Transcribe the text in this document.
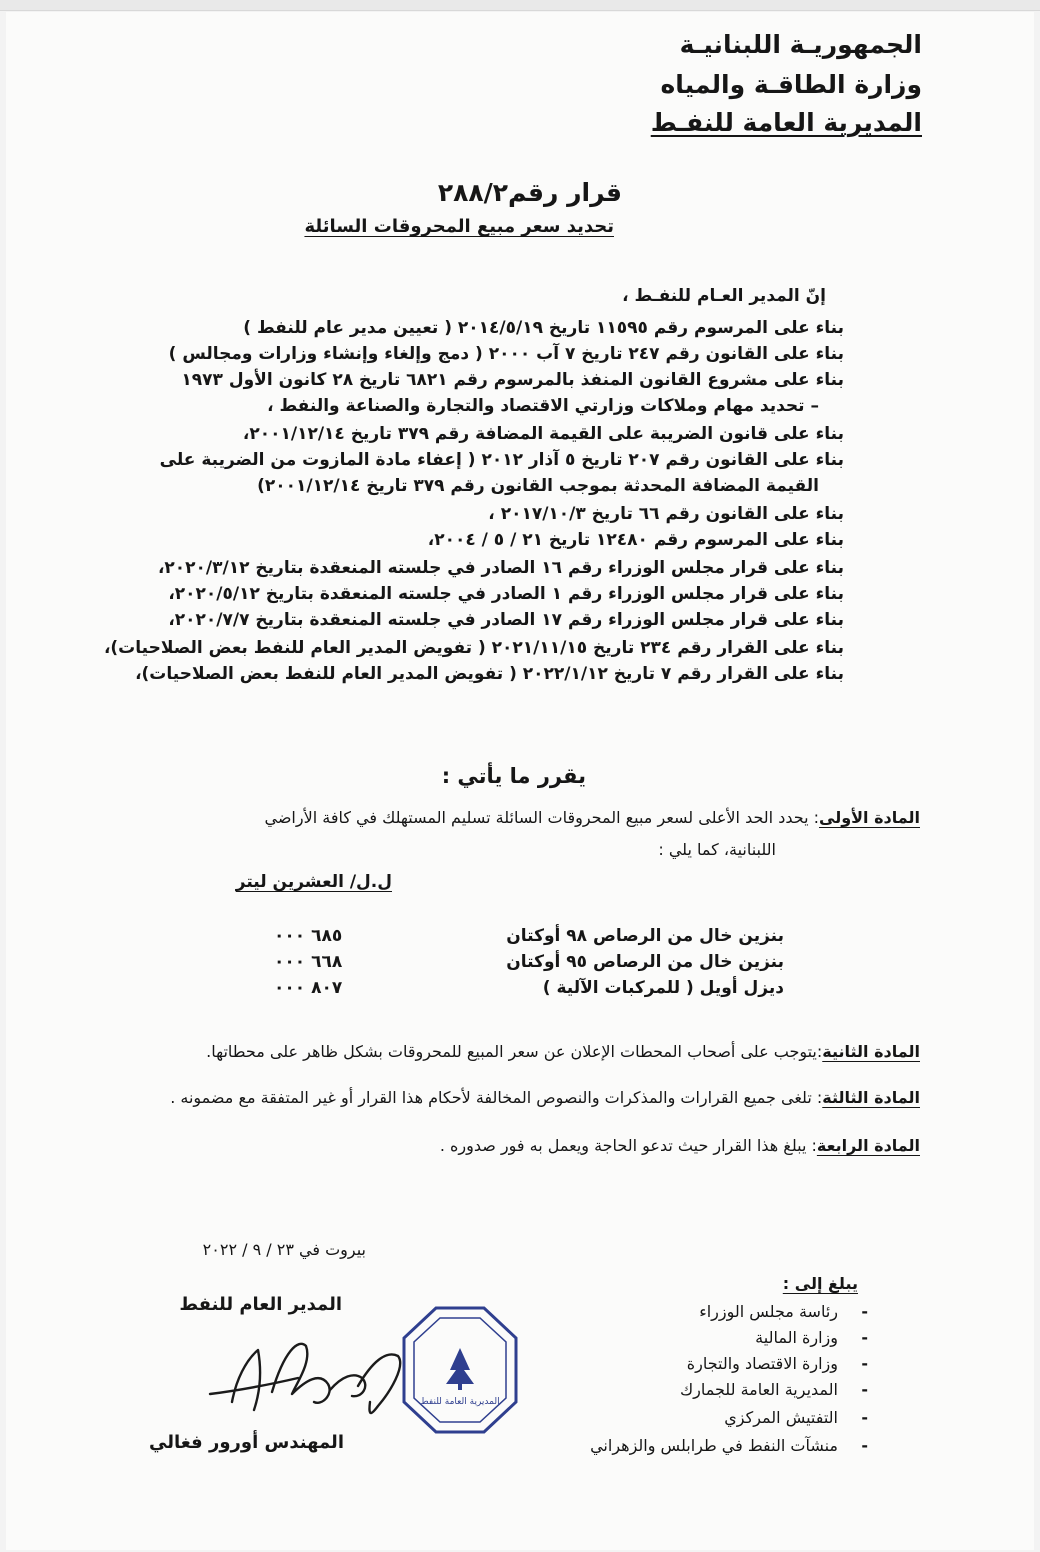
الجمهوريـة اللبنانيـة
وزارة الطاقـة والمياه
المديرية العامة للنفـط
قرار رقم٢٨٨/٢
تحديد سعر مبيع المحروقات السائلة
إنّ المدير العـام للنفـط ،
بناء على المرسوم رقم ١١٥٩٥ تاريخ ٢٠١٤/٥/١٩ ( تعيين مدير عام للنفط )
بناء على القانون رقم ٢٤٧ تاريخ ٧ آب ٢٠٠٠ ( دمج وإلغاء وإنشاء وزارات ومجالس )
بناء على مشروع القانون المنفذ بالمرسوم رقم ٦٨٢١ تاريخ ٢٨ كانون الأول ١٩٧٣
– تحديد مهام وملاكات وزارتي الاقتصاد والتجارة والصناعة والنفط ،
بناء على قانون الضريبة على القيمة المضافة رقم ٣٧٩ تاريخ ٢٠٠١/١٢/١٤،
بناء على القانون رقم ٢٠٧ تاريخ ٥ آذار ٢٠١٢ ( إعفاء مادة المازوت من الضريبة على
القيمة المضافة المحدثة بموجب القانون رقم ٣٧٩ تاريخ ٢٠٠١/١٢/١٤)
بناء على القانون رقم ٦٦ تاريخ ٢٠١٧/١٠/٣ ،
بناء على المرسوم رقم ١٢٤٨٠ تاريخ ٢١ / ٥ / ٢٠٠٤،
بناء على قرار مجلس الوزراء رقم ١٦ الصادر في جلسته المنعقدة بتاريخ ٢٠٢٠/٣/١٢،
بناء على قرار مجلس الوزراء رقم ١ الصادر في جلسته المنعقدة بتاريخ ٢٠٢٠/٥/١٢،
بناء على قرار مجلس الوزراء رقم ١٧ الصادر في جلسته المنعقدة بتاريخ ٢٠٢٠/٧/٧،
بناء على القرار رقم ٢٣٤ تاريخ ٢٠٢١/١١/١٥ ( تفويض المدير العام للنفط بعض الصلاحيات)،
بناء على القرار رقم ٧ تاريخ ٢٠٢٢/١/١٢ ( تفويض المدير العام للنفط بعض الصلاحيات)،
يقرر ما يأتي :
المادة الأولى: يحدد الحد الأعلى لسعر مبيع المحروقات السائلة تسليم المستهلك في كافة الأراضي
اللبنانية، كما يلي :
ل.ل/ العشرين ليتر
بنزين خال من الرصاص ٩٨ أوكتان
٦٨٥ ٠٠٠
بنزين خال من الرصاص ٩٥ أوكتان
٦٦٨ ٠٠٠
ديزل أويل ( للمركبات الآلية )
٨٠٧ ٠٠٠
المادة الثانية:يتوجب على أصحاب المحطات الإعلان عن سعر المبيع للمحروقات بشكل ظاهر على محطاتها.
المادة الثالثة: تلغى جميع القرارات والمذكرات والنصوص المخالفة لأحكام هذا القرار أو غير المتفقة مع مضمونه .
المادة الرابعة: يبلغ هذا القرار حيث تدعو الحاجة ويعمل به فور صدوره .
بيروت في ٢٣ / ٩ / ٢٠٢٢
المدير العام للنفط
المهندس أورور فغالي
المديرية العامة للنفط
يبلغ إلى :
-
رئاسة مجلس الوزراء
-
وزارة المالية
-
وزارة الاقتصاد والتجارة
-
المديرية العامة للجمارك
-
التفتيش المركزي
-
منشآت النفط في طرابلس والزهراني
